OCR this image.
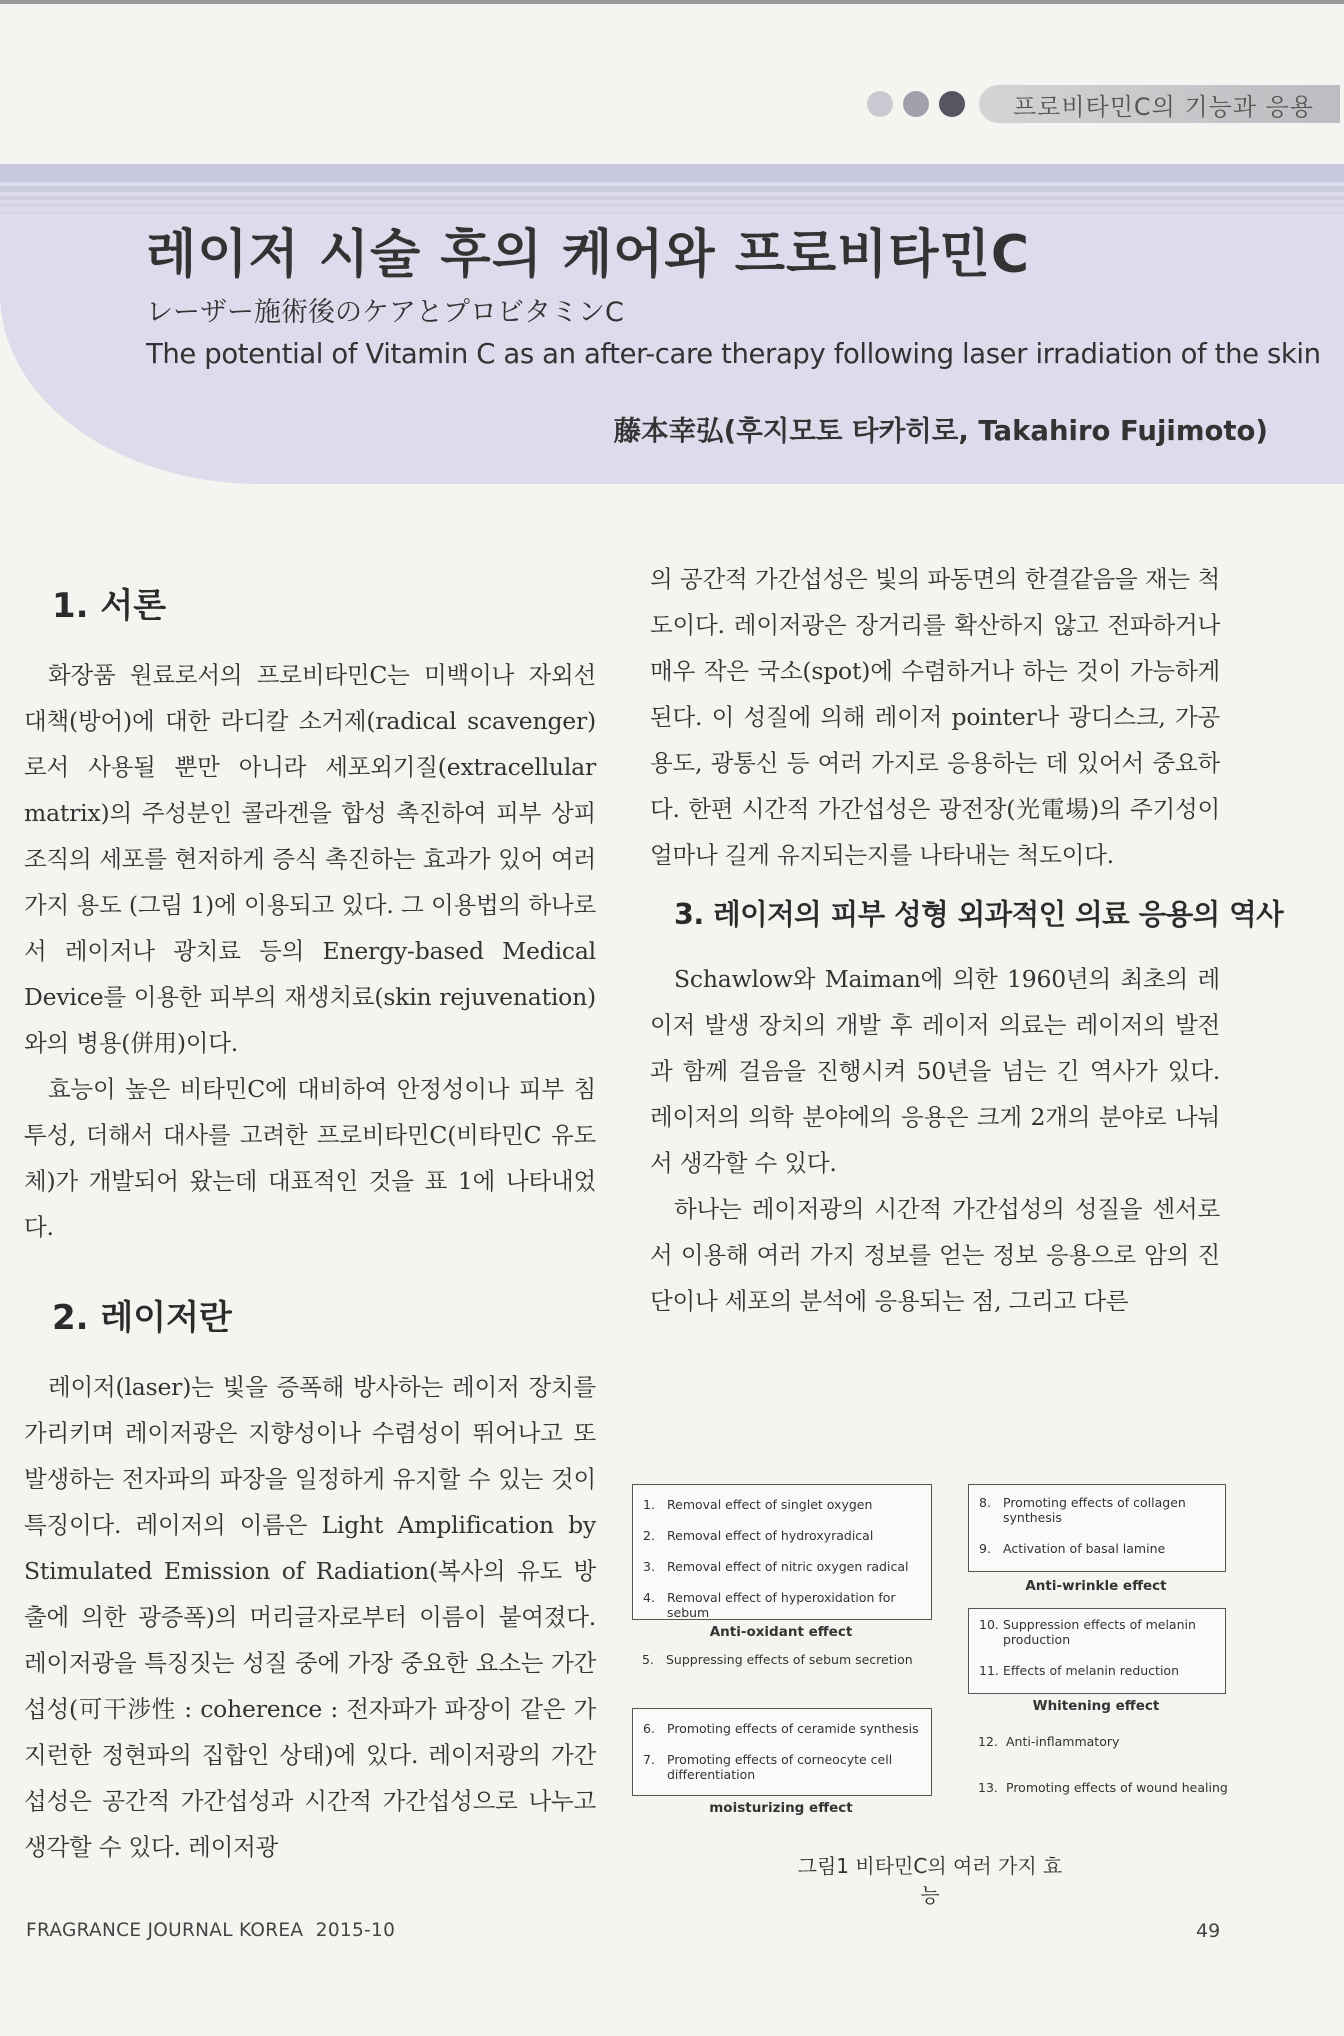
프로비타민C의 기능과 응용
레이저 시술 후의 케어와 프로비타민C
レーザー施術後のケアとプロビタミンC
The potential of Vitamin C as an after-care therapy following laser irradiation of the skin
藤本幸弘(후지모토 타카히로, Takahiro Fujimoto)
1. 서론

화장품 원료로서의 프로비타민C는 미백이나 자외선 대책(방어)에 대한 라디칼 소거제(radical scavenger)로서 사용될 뿐만 아니라 세포외기질(extracellular matrix)의 주성분인 콜라겐을 합성 촉진하여 피부 상피조직의 세포를 현저하게 증식 촉진하는 효과가 있어 여러 가지 용도 (그림 1)에 이용되고 있다. 그 이용법의 하나로서 레이저나 광치료 등의 Energy-based Medical Device를 이용한 피부의 재생치료(skin rejuvenation)와의 병용(併用)이다.

효능이 높은 비타민C에 대비하여 안정성이나 피부 침투성, 더해서 대사를 고려한 프로비타민C(비타민C 유도체)가 개발되어 왔는데 대표적인 것을 표 1에 나타내었다.

2. 레이저란

레이저(laser)는 빛을 증폭해 방사하는 레이저 장치를 가리키며 레이저광은 지향성이나 수렴성이 뛰어나고 또 발생하는 전자파의 파장을 일정하게 유지할 수 있는 것이 특징이다. 레이저의 이름은 Light Amplification by Stimulated Emission of Radiation(복사의 유도 방출에 의한 광증폭)의 머리글자로부터 이름이 붙여졌다. 레이저광을 특징짓는 성질 중에 가장 중요한 요소는 가간섭성(可干涉性 : coherence : 전자파가 파장이 같은 가지런한 정현파의 집합인 상태)에 있다. 레이저광의 가간섭성은 공간적 가간섭성과 시간적 가간섭성으로 나누고 생각할 수 있다. 레이저광

의 공간적 가간섭성은 빛의 파동면의 한결같음을 재는 척도이다. 레이저광은 장거리를 확산하지 않고 전파하거나 매우 작은 국소(spot)에 수렴하거나 하는 것이 가능하게 된다. 이 성질에 의해 레이저 pointer나 광디스크, 가공 용도, 광통신 등 여러 가지로 응용하는 데 있어서 중요하다. 한편 시간적 가간섭성은 광전장(光電場)의 주기성이 얼마나 길게 유지되는지를 나타내는 척도이다.

3. 레이저의 피부 성형 외과적인 의료 응용의 역사

Schawlow와 Maiman에 의한 1960년의 최초의 레이저 발생 장치의 개발 후 레이저 의료는 레이저의 발전과 함께 걸음을 진행시켜 50년을 넘는 긴 역사가 있다. 레이저의 의학 분야에의 응용은 크게 2개의 분야로 나눠서 생각할 수 있다.

하나는 레이저광의 시간적 가간섭성의 성질을 센서로서 이용해 여러 가지 정보를 얻는 정보 응용으로 암의 진단이나 세포의 분석에 응용되는 점, 그리고 다른

1. Removal effect of singlet oxygen
2. Removal effect of hydroxyradical
3. Removal effect of nitric oxygen radical
4. Removal effect of hyperoxidation for sebum
Anti-oxidant effect
5. Suppressing effects of sebum secretion
6. Promoting effects of ceramide synthesis
7. Promoting effects of corneocyte cell differentiation
moisturizing effect
8. Promoting effects of collagen synthesis
9. Activation of basal lamine
Anti-wrinkle effect
10. Suppression effects of melanin production
11. Effects of melanin reduction
Whitening effect
12. Anti-inflammatory
13. Promoting effects of wound healing
그림1 비타민C의 여러 가지 효능
FRAGRANCE JOURNAL KOREA 2015-10	49
